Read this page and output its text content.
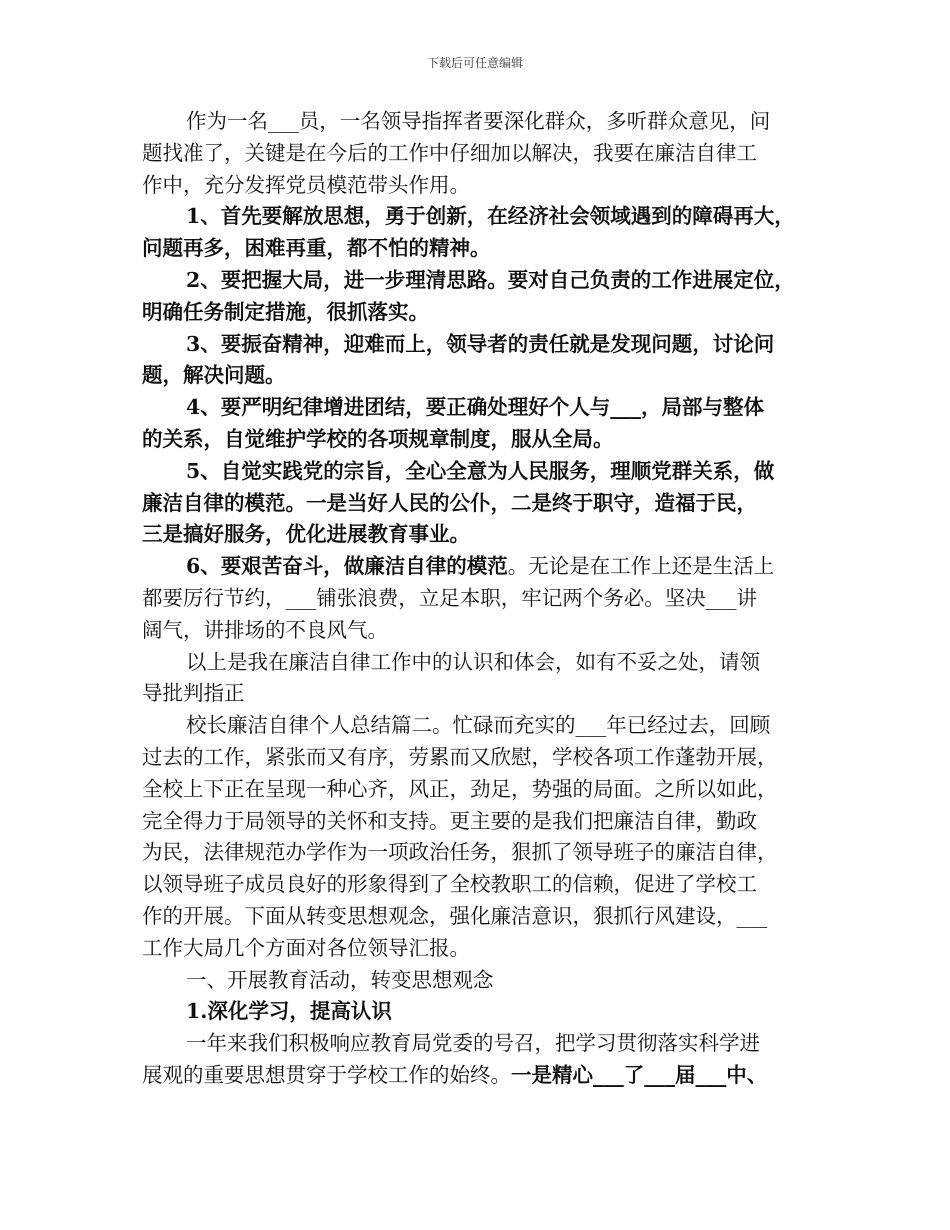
下载后可任意编辑
作为一名___员，一名领导指挥者要深化群众，多听群众意见，问
题找准了，关键是在今后的工作中仔细加以解决，我要在廉洁自律工
作中，充分发挥党员模范带头作用。
1、首先要解放思想，勇于创新，在经济社会领域遇到的障碍再大，
问题再多，困难再重，都不怕的精神。
2、要把握大局，进一步理清思路。要对自己负责的工作进展定位，
明确任务制定措施，很抓落实。
3、要振奋精神，迎难而上，领导者的责任就是发现问题，讨论问
题，解决问题。
4、要严明纪律增进团结，要正确处理好个人与___，局部与整体
的关系，自觉维护学校的各项规章制度，服从全局。
5、自觉实践党的宗旨，全心全意为人民服务，理顺党群关系，做
廉洁自律的模范。一是当好人民的公仆，二是终于职守，造福于民，
三是搞好服务，优化进展教育事业。
6、要艰苦奋斗，做廉洁自律的模范。无论是在工作上还是生活上
都要厉行节约，___铺张浪费，立足本职，牢记两个务必。坚决___讲
阔气，讲排场的不良风气。
以上是我在廉洁自律工作中的认识和体会，如有不妥之处，请领
导批判指正
校长廉洁自律个人总结篇二。忙碌而充实的___年已经过去，回顾
过去的工作，紧张而又有序，劳累而又欣慰，学校各项工作蓬勃开展，
全校上下正在呈现一种心齐，风正，劲足，势强的局面。之所以如此，
完全得力于局领导的关怀和支持。更主要的是我们把廉洁自律，勤政
为民，法律规范办学作为一项政治任务，狠抓了领导班子的廉洁自律，
以领导班子成员良好的形象得到了全校教职工的信赖，促进了学校工
作的开展。下面从转变思想观念，强化廉洁意识，狠抓行风建设，___
工作大局几个方面对各位领导汇报。
一、开展教育活动，转变思想观念
1.深化学习，提高认识
一年来我们积极响应教育局党委的号召，把学习贯彻落实科学进
展观的重要思想贯穿于学校工作的始终。一是精心___了___届___中、
